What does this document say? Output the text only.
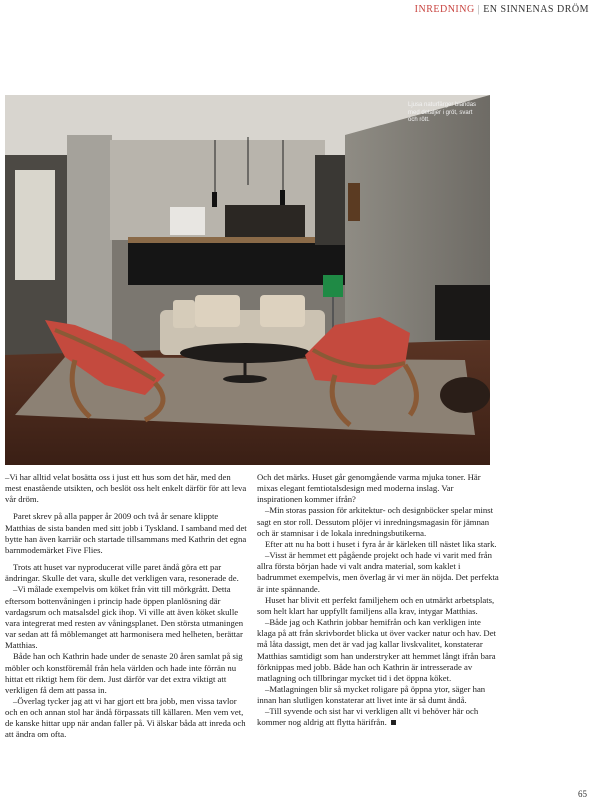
INREDNING | EN SINNENAS DRÖM
Ljusa naturfärger blandas med detaljer i gröt, svart och rött.

–Vi har alltid velat bosätta oss i just ett hus som det här, med den mest enastående utsikten, och beslöt oss helt enkelt därför för att leva vår dröm.

Paret skrev på alla papper år 2009 och två år senare klippte Matthias de sista banden med sitt jobb i Tyskland. I samband med det bytte han även karriär och startade tillsammans med Kathrin det egna barnmodemärket Five Flies.

Trots att huset var nyproducerat ville paret ändå göra ett par ändringar. Skulle det vara, skulle det verkligen vara, resonerade de.

–Vi målade exempelvis om köket från vitt till mörkgrått. Detta eftersom bottenvåningen i princip hade öppen planlösning där vardagsrum och matsalsdel gick ihop. Vi ville att även köket skulle vara integrerat med resten av våningsplanet. Den största utmaningen var sedan att få möblemanget att harmonisera med helheten, berättar Matthias.

Både han och Kathrin hade under de senaste 20 åren samlat på sig möbler och konstföremål från hela världen och hade inte förrän nu hittat ett riktigt hem för dem. Just därför var det extra viktigt att verkligen få dem att passa in.

–Överlag tycker jag att vi har gjort ett bra jobb, men vissa tavlor och en och annan stol har ändå förpassats till källaren. Men vem vet, de kanske hittar upp när andan faller på. Vi älskar båda att inreda och att ändra om ofta.

Och det märks. Huset går genomgående varma mjuka toner. Här mixas elegant femtiotalsdesign med moderna inslag. Var inspirationen kommer ifrån?

–Min storas passion för arkitektur- och designböcker spelar minst sagt en stor roll. Dessutom plöjer vi inredningsmagasin för jämnan och är stamnisar i de lokala inredningsbutikerna.

Efter att nu ha bott i huset i fyra år är kärleken till nästet lika stark.

–Visst är hemmet ett pågående projekt och hade vi varit med från allra första början hade vi valt andra material, som kaklet i badrummet exempelvis, men överlag är vi mer än nöjda. Det perfekta är inte spännande.

Huset har blivit ett perfekt familjehem och en utmärkt arbetsplats, som helt klart har uppfyllt familjens alla krav, intygar Matthias.

–Både jag och Kathrin jobbar hemifrån och kan verkligen inte klaga på att från skrivbordet blicka ut över vacker natur och hav. Det må låta dassigt, men det är vad jag kallar livskvalitet, konstaterar Matthias samtidigt som han understryker att hemmet långt ifrån bara förknippas med jobb. Både han och Kathrin är intresserade av matlagning och tillbringar mycket tid i det öppna köket.

–Matlagningen blir så mycket roligare på öppna ytor, säger han innan han slutligen konstaterar att livet inte är så dumt ändå.

–Till syvende och sist har vi verkligen allt vi behöver här och kommer nog aldrig att flytta härifrån.

65
